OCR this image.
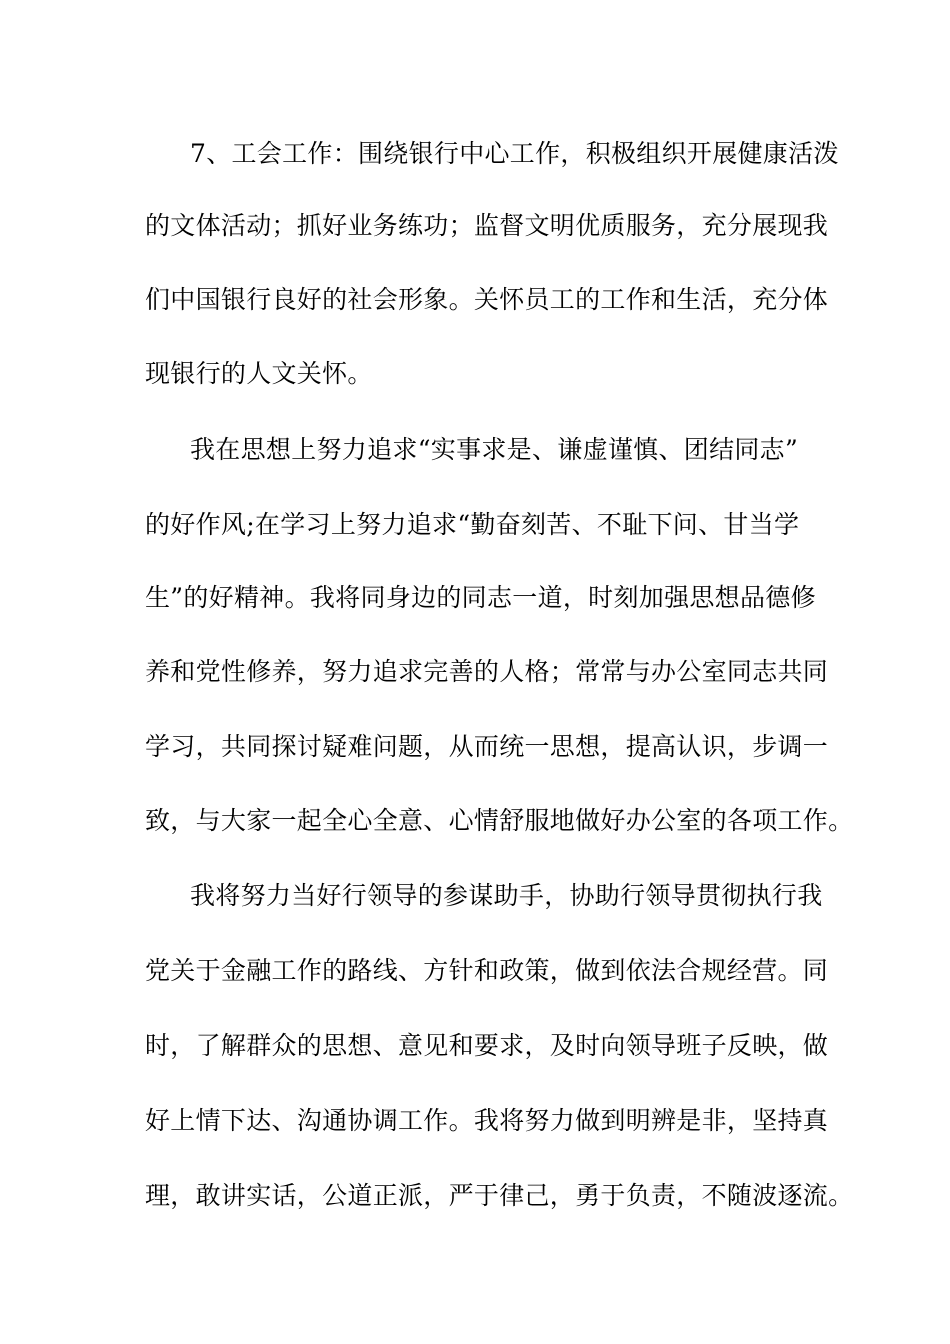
7、工会工作：围绕银行中心工作，积极组织开展健康活泼
的文体活动；抓好业务练功；监督文明优质服务，充分展现我
们中国银行良好的社会形象。关怀员工的工作和生活，充分体
现银行的人文关怀。
我在思想上努力追求“实事求是、谦虚谨慎、团结同志”
的好作风;在学习上努力追求“勤奋刻苦、不耻下问、甘当学
生”的好精神。我将同身边的同志一道，时刻加强思想品德修
养和党性修养，努力追求完善的人格；常常与办公室同志共同
学习，共同探讨疑难问题，从而统一思想，提高认识，步调一
致，与大家一起全心全意、心情舒服地做好办公室的各项工作。
我将努力当好行领导的参谋助手，协助行领导贯彻执行我
党关于金融工作的路线、方针和政策，做到依法合规经营。同
时，了解群众的思想、意见和要求，及时向领导班子反映，做
好上情下达、沟通协调工作。我将努力做到明辨是非，坚持真
理，敢讲实话，公道正派，严于律己，勇于负责，不随波逐流。
